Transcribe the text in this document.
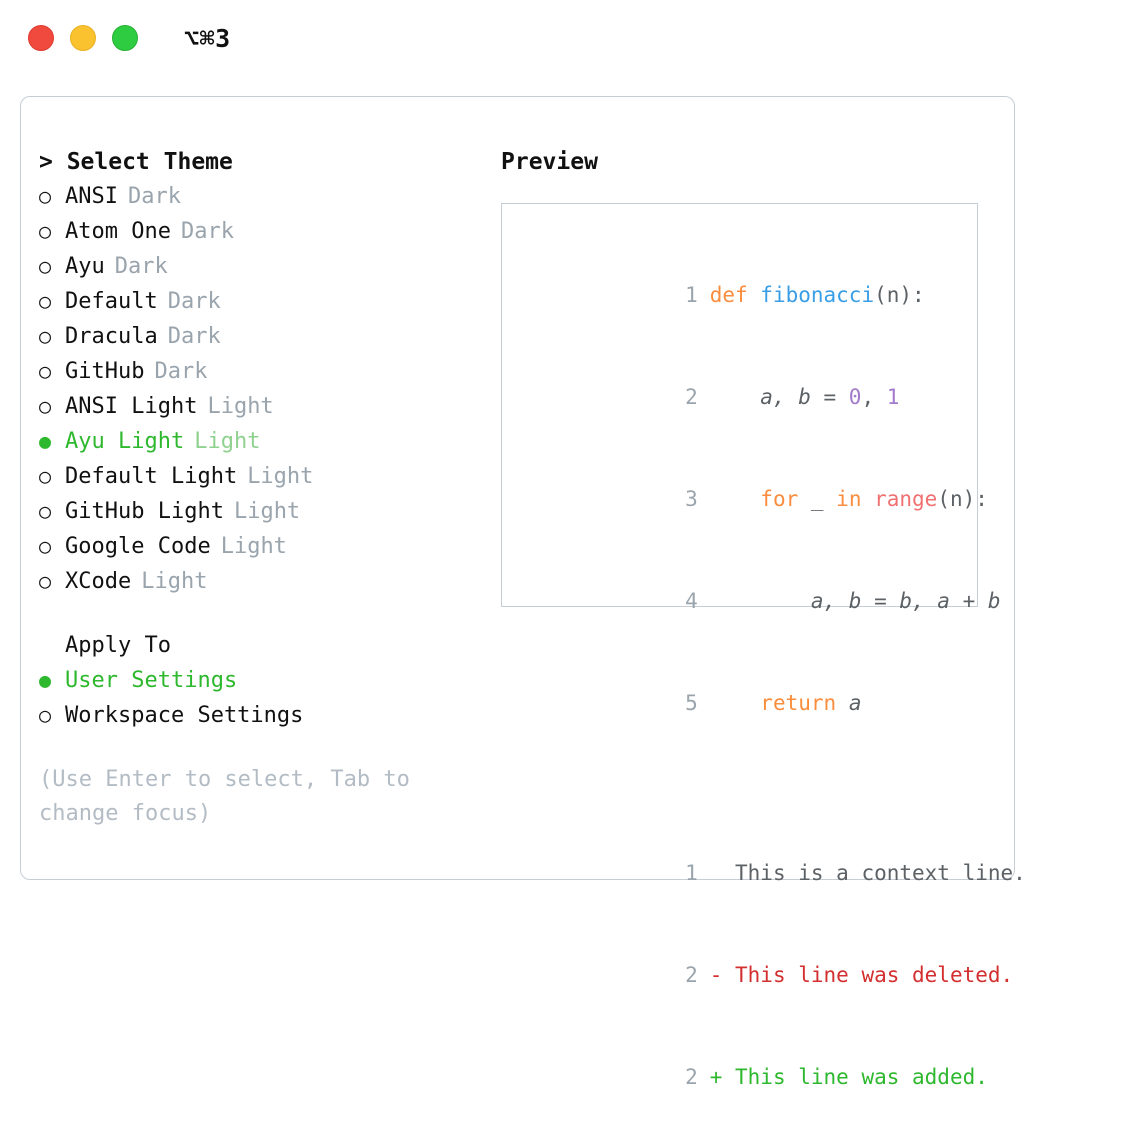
⌥⌘3
> Select Theme
○ ANSI Dark
○ Atom One Dark
○ Ayu Dark
○ Default Dark
○ Dracula Dark
○ GitHub Dark
○ ANSI Light Light
● Ayu Light Light
○ Default Light Light
○ GitHub Light Light
○ Google Code Light
○ XCode Light
Apply To
● User Settings
○ Workspace Settings
(Use Enter to select, Tab to change focus)
Preview

1 def fibonacci(n):

2    a, b = 0, 1

3	for _ in range(n):

4        a, b = b, a + b

5	return a

1  This is a context line.

2 - This line was deleted.

2 + This line was added.
